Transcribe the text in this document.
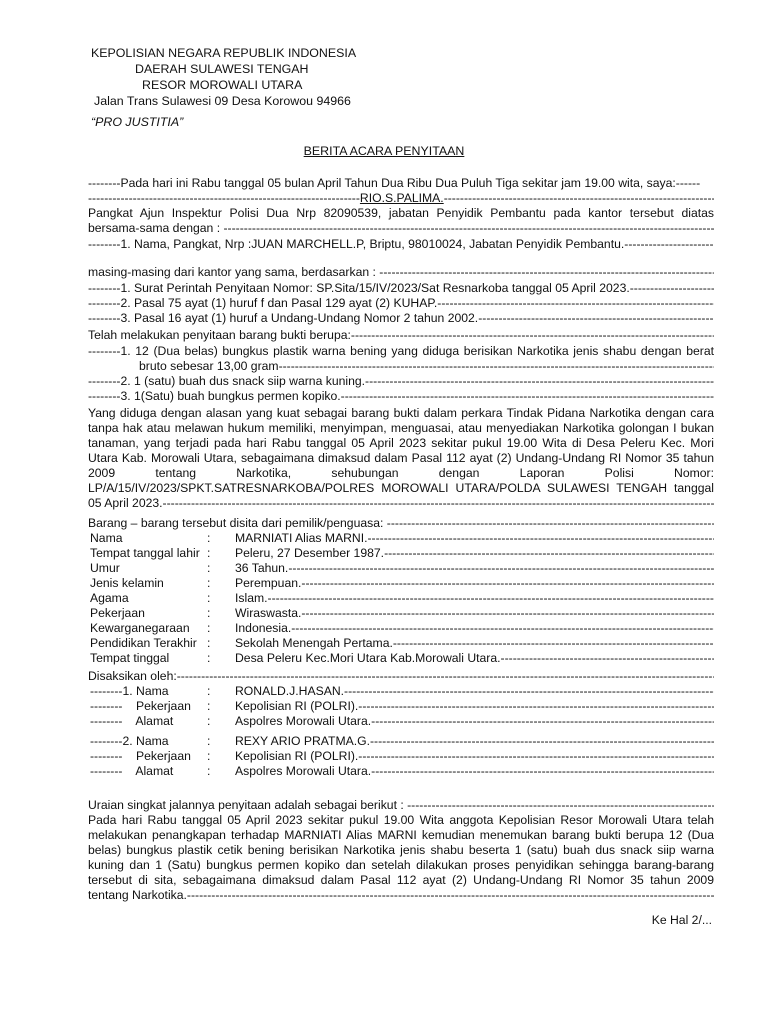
KEPOLISIAN NEGARA REPUBLIK INDONESIA
DAERAH SULAWESI TENGAH
RESOR MOROWALI UTARA
Jalan Trans Sulawesi 09 Desa Korowou 94966
“PRO JUSTITIA”
BERITA ACARA PENYITAAN
--------Pada hari ini Rabu tanggal 05 bulan April Tahun Dua Ribu Dua Puluh Tiga sekitar jam 19.00 wita, saya:------
-------------------------------------------------------------------RIO.S.PALIMA. -----
Pangkat Ajun Inspektur Polisi Dua Nrp 82090539, jabatan Penyidik Pembantu pada kantor tersebut diatas
bersama-sama dengan : -----
--------1. Nama, Pangkat, Nrp :JUAN MARCHELL.P, Briptu, 98010024, Jabatan Penyidik Pembantu. -----
masing-masing dari kantor yang sama, berdasarkan : -----
--------1. Surat Perintah Penyitaan Nomor: SP.Sita/15/IV/2023/Sat Resnarkoba tanggal 05 April 2023. -----
--------2. Pasal 75 ayat (1) huruf f dan Pasal 129 ayat (2) KUHAP. -----
--------3. Pasal 16 ayat (1) huruf a Undang-Undang Nomor 2 tahun 2002. -----
Telah melakukan penyitaan barang bukti berupa: -----
--------1. 12 (Dua belas) bungkus plastik warna bening yang diduga berisikan Narkotika jenis shabu dengan berat
bruto sebesar 13,00 gram -----
--------2. 1 (satu) buah dus snack siip warna kuning. -----
--------3. 1(Satu) buah bungkus permen kopiko. -----
Yang diduga dengan alasan yang kuat sebagai barang bukti dalam perkara Tindak Pidana Narkotika dengan cara
tanpa hak atau melawan hukum memiliki, menyimpan, menguasai, atau menyediakan Narkotika golongan I bukan
tanaman, yang terjadi pada hari Rabu tanggal 05 April 2023 sekitar pukul 19.00 Wita di Desa Peleru Kec. Mori
Utara Kab. Morowali Utara, sebagaimana dimaksud dalam Pasal 112 ayat (2) Undang-Undang RI Nomor 35 tahun
2009 tentang Narkotika, sehubungan dengan Laporan Polisi Nomor:
LP/A/15/IV/2023/SPKT.SATRESNARKOBA/POLRES MOROWALI UTARA/POLDA SULAWESI TENGAH tanggal
05 April 2023. -----
Barang – barang tersebut disita dari pemilik/penguasa: -----
Nama	: MARNIATI Alias MARNI. -----
Tempat tanggal lahir : Peleru, 27 Desember 1987. -----
Umur	: 36 Tahun. -----
Jenis kelamin	: Perempuan. -----
Agama	: Islam. -----
Pekerjaan	: Wiraswasta. -----
Kewarganegaraan : Indonesia. -----
Pendidikan Terakhir : Sekolah Menengah Pertama. -----
Tempat tinggal	: Desa Peleru Kec.Mori Utara Kab.Morowali Utara. -----
Disaksikan oleh: -----
--------1. Nama	: RONALD.J.HASAN. -----
--------    Pekerjaan : Kepolisian RI (POLRI). -----
--------    Alamat	: Aspolres Morowali Utara. -----
--------2. Nama	: REXY ARIO PRATMA.G. -----
--------    Pekerjaan : Kepolisian RI (POLRI). -----
--------    Alamat	: Aspolres Morowali Utara. -----
Uraian singkat jalannya penyitaan adalah sebagai berikut : -----
Pada hari Rabu tanggal 05 April 2023 sekitar pukul 19.00 Wita anggota Kepolisian Resor Morowali Utara telah
melakukan penangkapan terhadap MARNIATI Alias MARNI kemudian menemukan barang bukti berupa 12 (Dua
belas) bungkus plastik cetik bening berisikan Narkotika jenis shabu beserta 1 (satu) buah dus snack siip warna
kuning dan 1 (Satu) bungkus permen kopiko dan setelah dilakukan proses penyidikan sehingga barang-barang
tersebut di sita, sebagaimana dimaksud dalam Pasal 112 ayat (2) Undang-Undang RI Nomor 35 tahun 2009
tentang Narkotika. -----
Ke Hal 2/...
